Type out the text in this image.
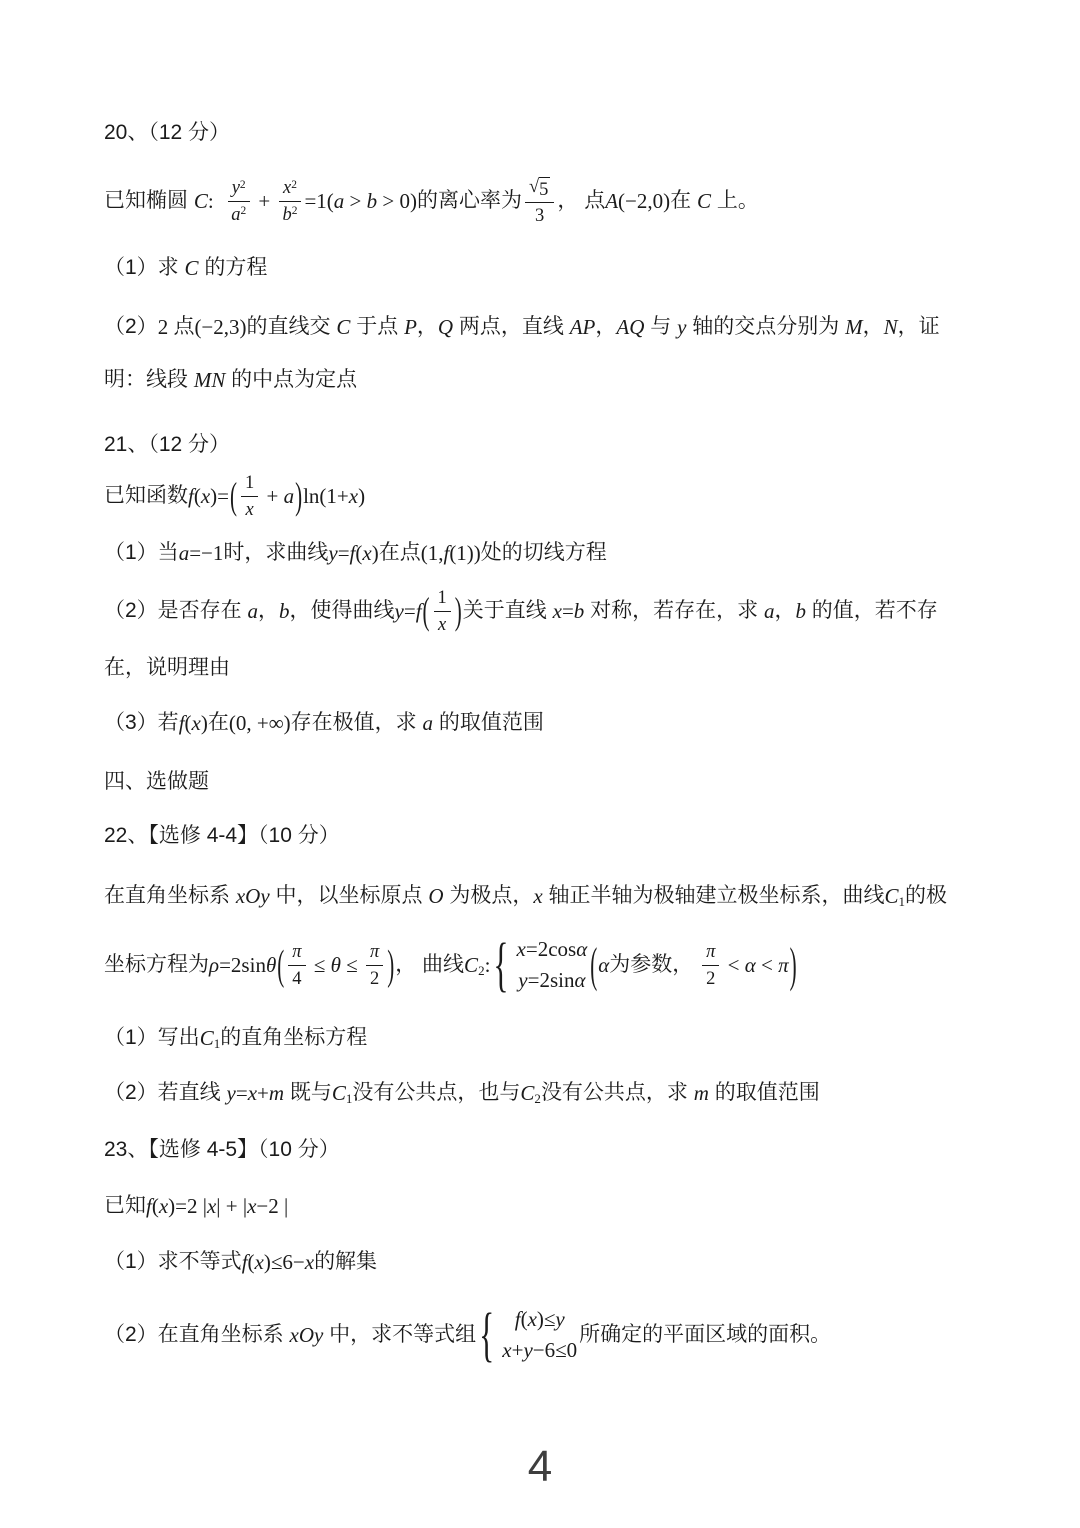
20、（12 分）
已知椭圆 C : $\frac{y^2}{a^2} + \frac{x^2}{b^2} =1$( a > b > 0) 的离心率为 $\frac{√ 5}{3}$ ， 点 A (−2,0) 在 C 上。
（1）求 C 的方程
（2） 2 点 (−2,3) 的直线交 C 于点 P ， Q 两点，直线 AP ， AQ 与 y 轴的交点分别为 M ， N ，证
明：线段 MN 的中点为定点
21、（12 分）
已知函数 f ( x )= ( $\frac{1}{x} + a$ ) ln(1+ x )
（1）当 a =−1 时，求曲线 y = f ( x ) 在点 (1, f (1)) 处的切线方程
（2）是否存在 a ， b ，使得曲线 y = f ( $\frac{1}{x}$ ) 关于直线 x = b 对称，若存在，求 a ， b 的值，若不存
在，说明理由
（3）若 f ( x ) 在 (0, +∞) 存在极值，求 a 的取值范围
四、选做题
22、【选修 4-4】（10 分）
在直角坐标系 xOy 中，以坐标原点 O 为极点， x 轴正半轴为极轴建立极坐标系，曲线 $C_1$ 的极
坐标方程为 ρ =2sin θ ( $\frac{\pi}{4} \le \theta \le \frac{\pi}{2}$ ) ， 曲线 $C_2$ : { x=2cosα
y=2sinα ( α 为参数， $\frac{\pi}{2} < \alpha < \pi$ )
（1）写出 $C_1$ 的直角坐标方程
（2）若直线 y = x + m 既与 $C_1$ 没有公共点，也与 $C_2$ 没有公共点，求 m 的取值范围
23、【选修 4-5】（10 分）
已知 f ( x )=2 | x | + | x −2 |
（1）求不等式 f ( x )≤6− x 的解集
（2）在直角坐标系 xOy 中，求不等式组 { f(x)≤y
x+y−6≤0
所确定的平面区域的面积。
4
